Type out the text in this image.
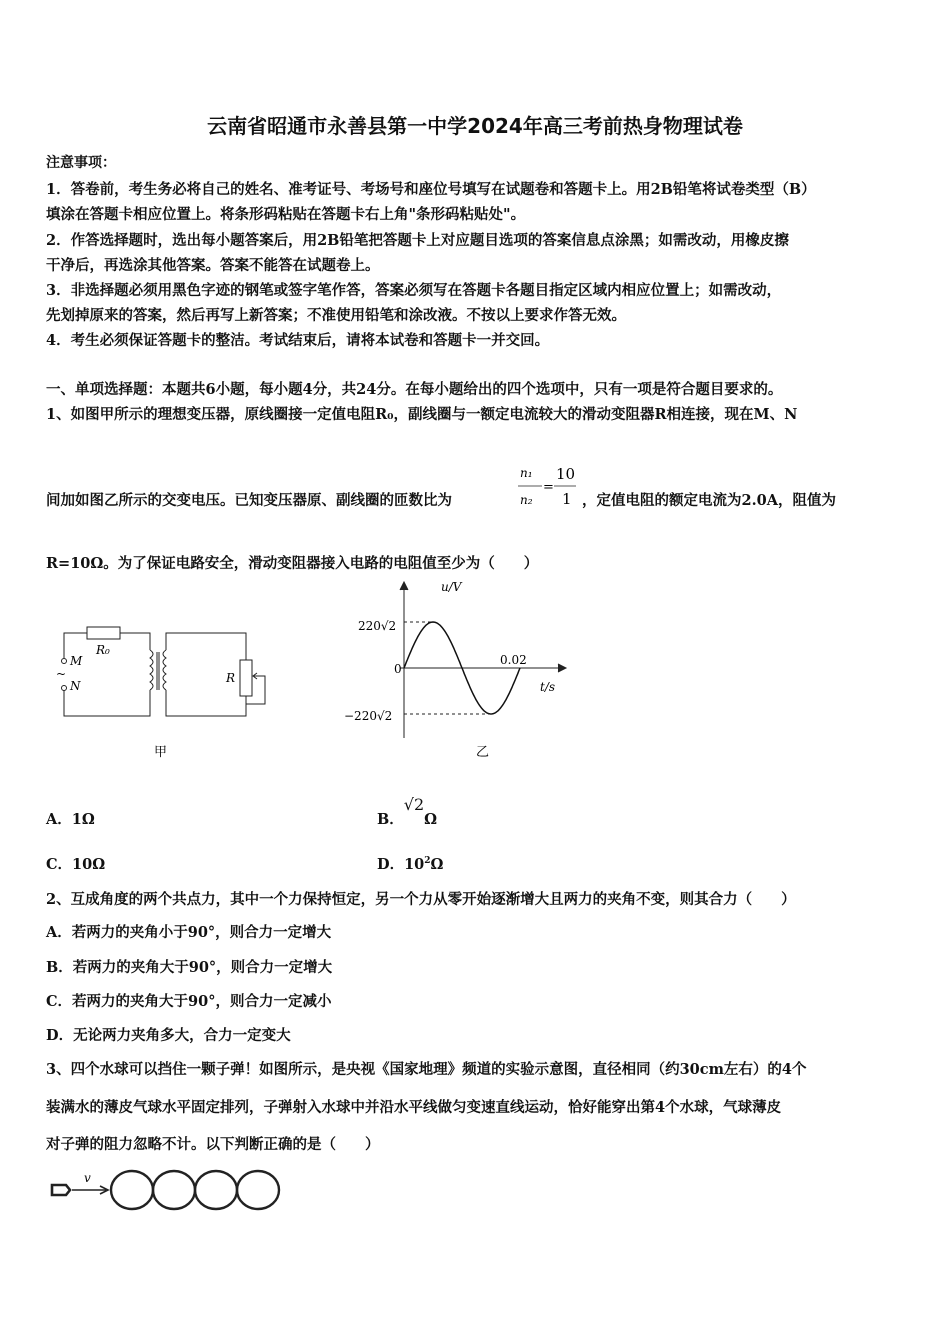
云南省昭通市永善县第一中学2024年高三考前热身物理试卷
注意事项：
1．答卷前，考生务必将自己的姓名、准考证号、考场号和座位号填写在试题卷和答题卡上。用2B铅笔将试卷类型（B）
填涂在答题卡相应位置上。将条形码粘贴在答题卡右上角"条形码粘贴处"。
2．作答选择题时，选出每小题答案后，用2B铅笔把答题卡上对应题目选项的答案信息点涂黑；如需改动，用橡皮擦
干净后，再选涂其他答案。答案不能答在试题卷上。
3．非选择题必须用黑色字迹的钢笔或签字笔作答，答案必须写在答题卡各题目指定区域内相应位置上；如需改动，
先划掉原来的答案，然后再写上新答案；不准使用铅笔和涂改液。不按以上要求作答无效。
4．考生必须保证答题卡的整洁。考试结束后，请将本试卷和答题卡一并交回。
一、单项选择题：本题共6小题，每小题4分，共24分。在每小题给出的四个选项中，只有一项是符合题目要求的。
1、如图甲所示的理想变压器，原线圈接一定值电阻R₀，副线圈与一额定电流较大的滑动变阻器R相连接，现在M、N
间加如图乙所示的交变电压。已知变压器原、副线圈的匝数比为
n₁
n₂
=
10
1 ，定值电阻的额定电流为2.0A，阻值为
R=10Ω。为了保证电路安全，滑动变阻器接入电路的电阻值至少为（　　）
R₀
M
~
N
R
甲
u/V
t/s
220√2
0
−220√2
0.02
乙
A．1Ω	B．√2Ω
C．10Ω	D．$10^2\Omega$
2、互成角度的两个共点力，其中一个力保持恒定，另一个力从零开始逐渐增大且两力的夹角不变，则其合力（　　）
A．若两力的夹角小于90°，则合力一定增大
B．若两力的夹角大于90°，则合力一定增大
C．若两力的夹角大于90°，则合力一定减小
D．无论两力夹角多大，合力一定变大
3、四个水球可以挡住一颗子弹！如图所示，是央视《国家地理》频道的实验示意图，直径相同（约30cm左右）的4个
装满水的薄皮气球水平固定排列，子弹射入水球中并沿水平线做匀变速直线运动，恰好能穿出第4个水球，气球薄皮
对子弹的阻力忽略不计。以下判断正确的是（　　）
v
